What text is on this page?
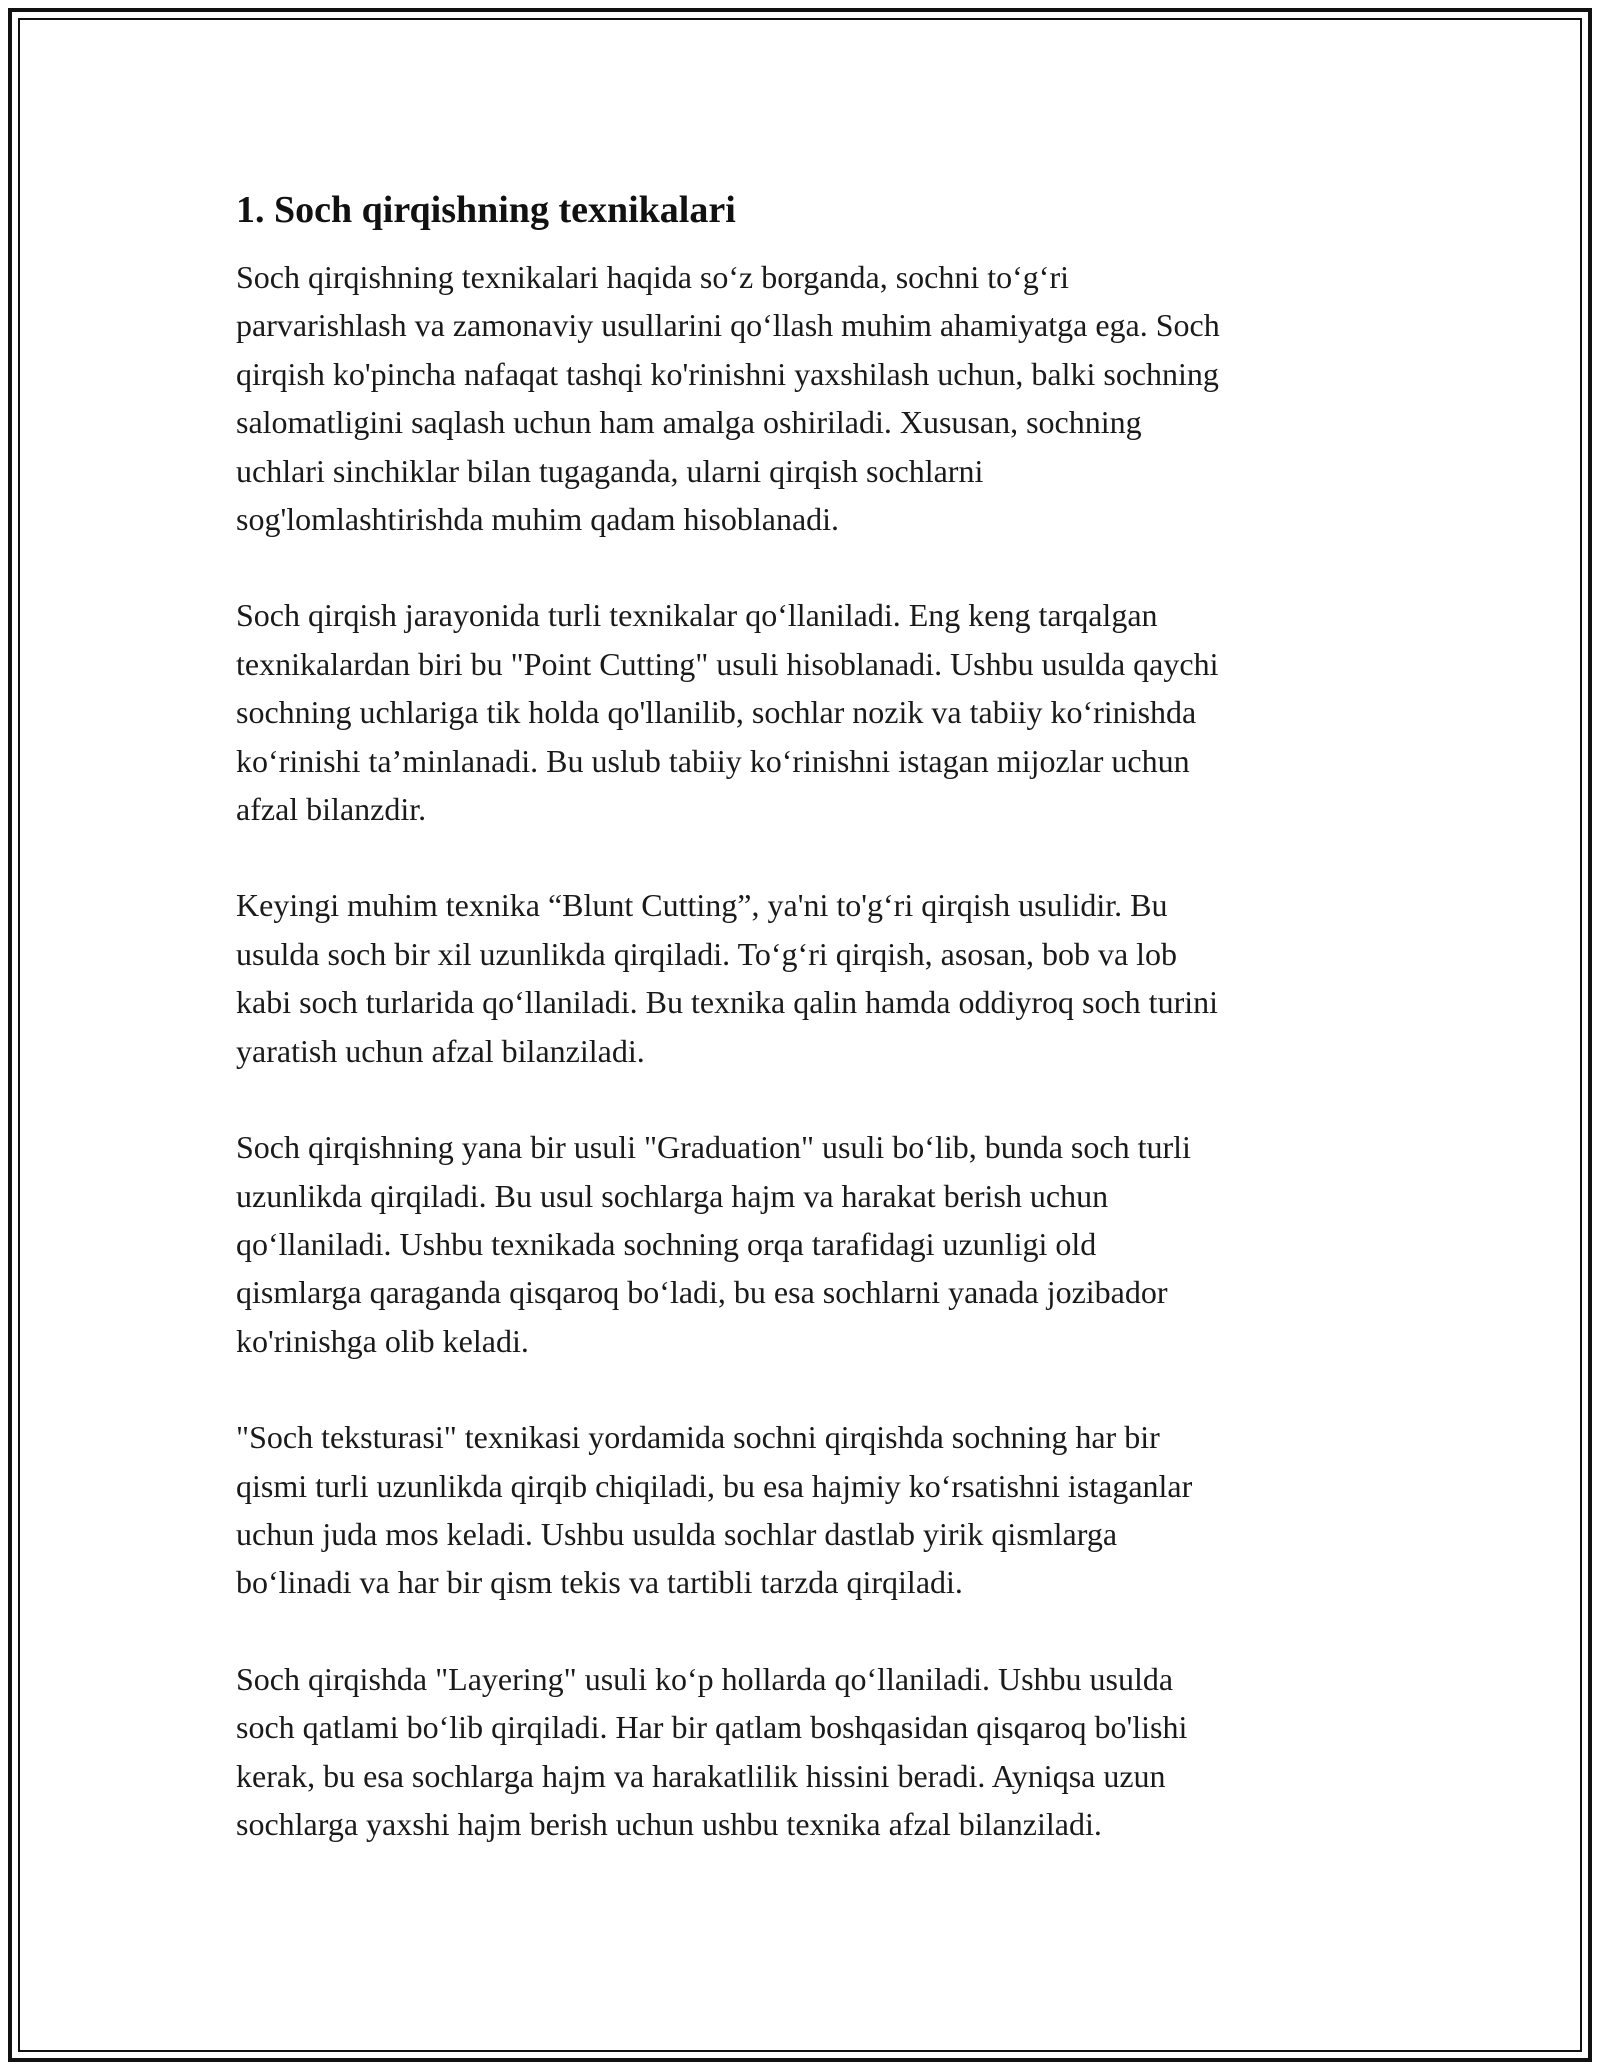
1. Soch qirqishning texnikalari

Soch qirqishning texnikalari haqida so‘z borganda, sochni to‘g‘ri
parvarishlash va zamonaviy usullarini qo‘llash muhim ahamiyatga ega. Soch
qirqish ko'pincha nafaqat tashqi ko'rinishni yaxshilash uchun, balki sochning
salomatligini saqlash uchun ham amalga oshiriladi. Xususan, sochning
uchlari sinchiklar bilan tugaganda, ularni qirqish sochlarni
sog'lomlashtirishda muhim qadam hisoblanadi.

Soch qirqish jarayonida turli texnikalar qo‘llaniladi. Eng keng tarqalgan
texnikalardan biri bu "Point Cutting" usuli hisoblanadi. Ushbu usulda qaychi
sochning uchlariga tik holda qo'llanilib, sochlar nozik va tabiiy ko‘rinishda
ko‘rinishi ta’minlanadi. Bu uslub tabiiy ko‘rinishni istagan mijozlar uchun
afzal bilanzdir.

Keyingi muhim texnika “Blunt Cutting”, ya'ni to'g‘ri qirqish usulidir. Bu
usulda soch bir xil uzunlikda qirqiladi. To‘g‘ri qirqish, asosan, bob va lob
kabi soch turlarida qo‘llaniladi. Bu texnika qalin hamda oddiyroq soch turini
yaratish uchun afzal bilanziladi.

Soch qirqishning yana bir usuli "Graduation" usuli bo‘lib, bunda soch turli
uzunlikda qirqiladi. Bu usul sochlarga hajm va harakat berish uchun
qo‘llaniladi. Ushbu texnikada sochning orqa tarafidagi uzunligi old
qismlarga qaraganda qisqaroq bo‘ladi, bu esa sochlarni yanada jozibador
ko'rinishga olib keladi.

"Soch teksturasi" texnikasi yordamida sochni qirqishda sochning har bir
qismi turli uzunlikda qirqib chiqiladi, bu esa hajmiy ko‘rsatishni istaganlar
uchun juda mos keladi. Ushbu usulda sochlar dastlab yirik qismlarga
bo‘linadi va har bir qism tekis va tartibli tarzda qirqiladi.

Soch qirqishda "Layering" usuli ko‘p hollarda qo‘llaniladi. Ushbu usulda
soch qatlami bo‘lib qirqiladi. Har bir qatlam boshqasidan qisqaroq bo'lishi
kerak, bu esa sochlarga hajm va harakatlilik hissini beradi. Ayniqsa uzun
sochlarga yaxshi hajm berish uchun ushbu texnika afzal bilanziladi.
